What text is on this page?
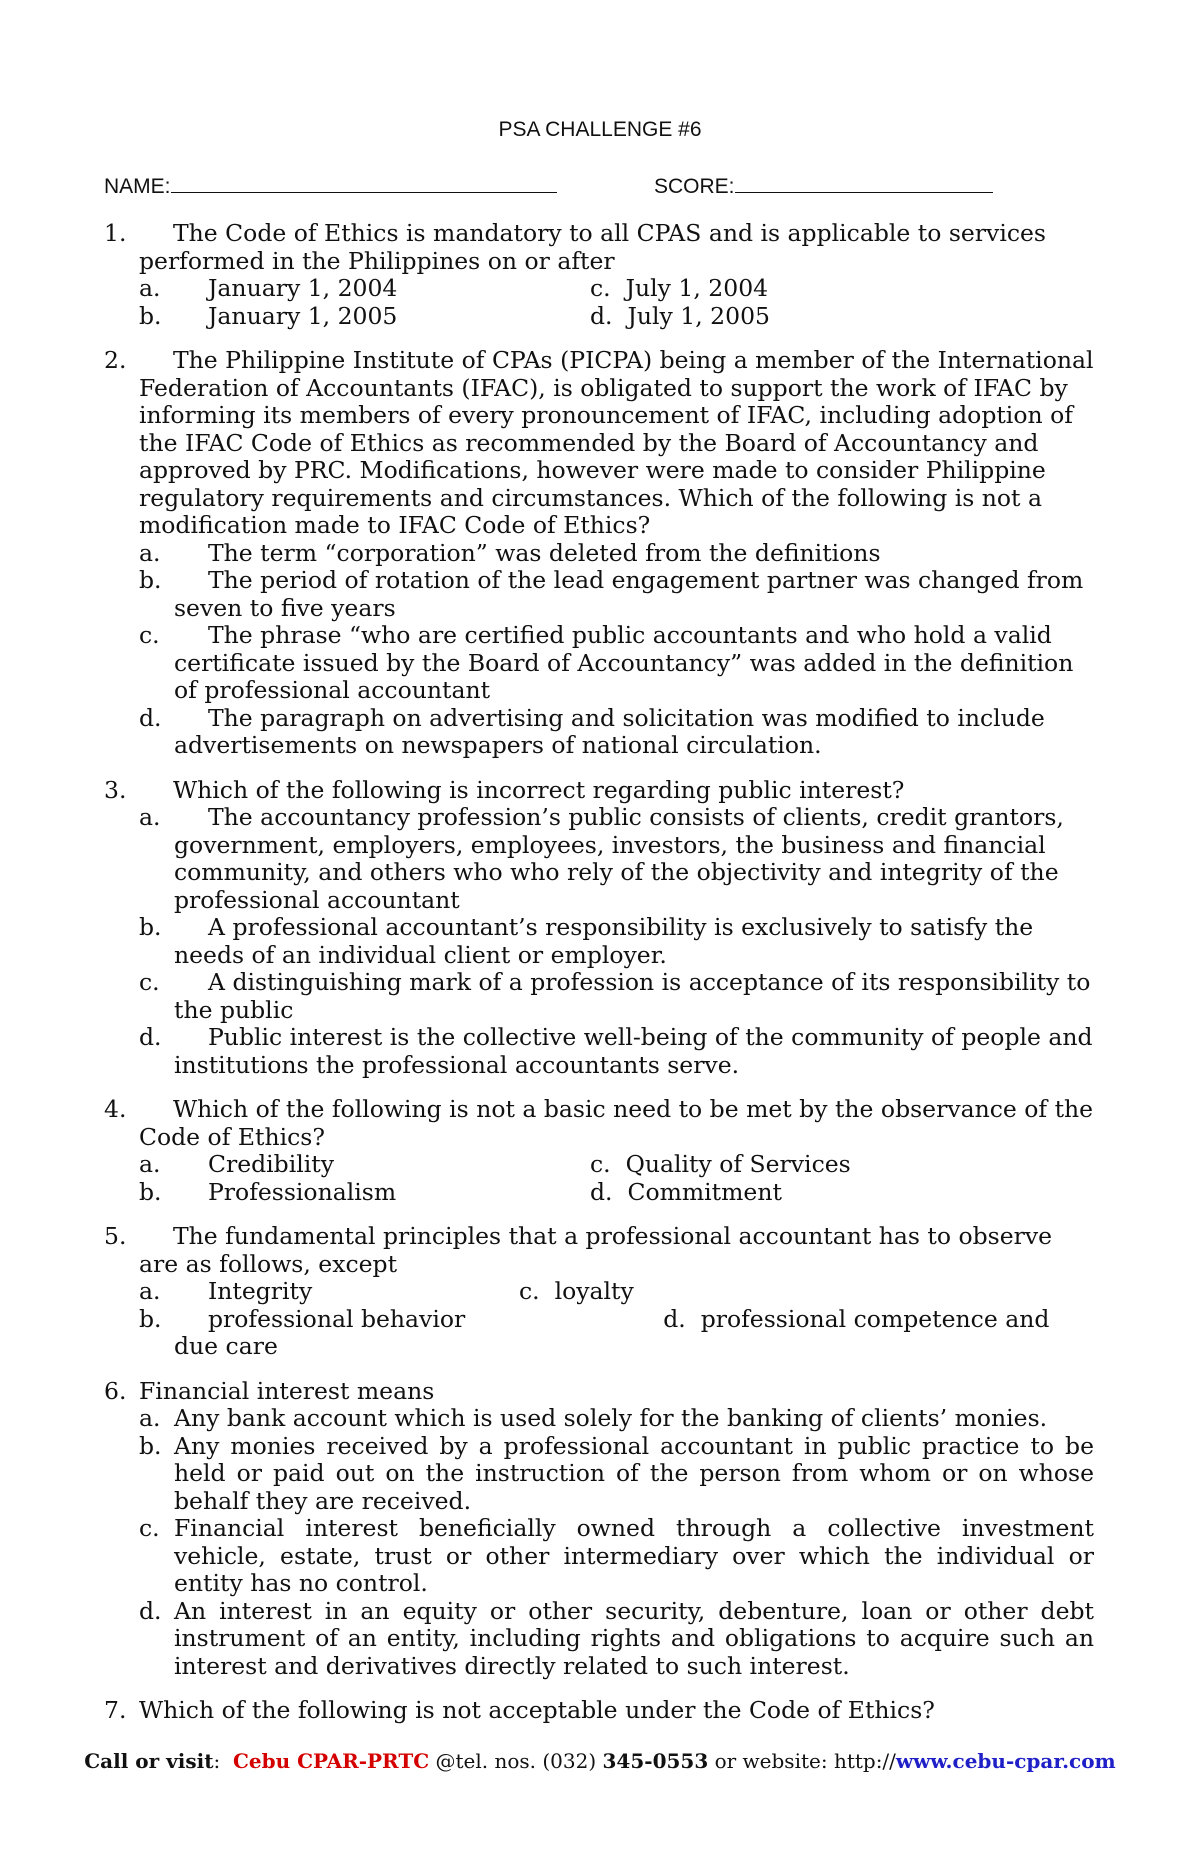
PSA CHALLENGE #6
NAME:	SCORE:

1. The Code of Ethics is mandatory to all CPAS and is applicable to services performed in the Philippines on or after

a. January 1, 2004	c. July 1, 2004
b. January 1, 2005	d. July 1, 2005

2. The Philippine Institute of CPAs (PICPA) being a member of the International Federation of Accountants (IFAC), is obligated to support the work of IFAC by informing its members of every pronouncement of IFAC, including adoption of the IFAC Code of Ethics as recommended by the Board of Accountancy and approved by PRC. Modifications, however were made to consider Philippine regulatory requirements and circumstances. Which of the following is not a modification made to IFAC Code of Ethics?

a. The term “corporation” was deleted from the definitions

b. The period of rotation of the lead engagement partner was changed from seven to five years

c. The phrase “who are certified public accountants and who hold a valid certificate issued by the Board of Accountancy” was added in the definition of professional accountant

d. The paragraph on advertising and solicitation was modified to include advertisements on newspapers of national circulation.

3. Which of the following is incorrect regarding public interest?

a. The accountancy profession’s public consists of clients, credit grantors, government, employers, employees, investors, the business and financial community, and others who who rely of the objectivity and integrity of the professional accountant

b. A professional accountant’s responsibility is exclusively to satisfy the needs of an individual client or employer.

c. A distinguishing mark of a profession is acceptance of its responsibility to the public

d. Public interest is the collective well-being of the community of people and institutions the professional accountants serve.

4. Which of the following is not a basic need to be met by the observance of the Code of Ethics?

a. Credibility	c. Quality of Services
b. Professionalism	d. Commitment

5. The fundamental principles that a professional accountant has to observe are as follows, except

a. Integrity	c. loyalty

b. professional behavior	d. professional competence and due care

6. Financial interest means

a. Any bank account which is used solely for the banking of clients’ monies.

b. Any monies received by a professional accountant in public practice to be held or paid out on the instruction of the person from whom or on whose behalf they are received.

c. Financial interest beneficially owned through a collective investment vehicle, estate, trust or other intermediary over which the individual or entity has no control.

d. An interest in an equity or other security, debenture, loan or other debt instrument of an entity, including rights and obligations to acquire such an interest and derivatives directly related to such interest.

7. Which of the following is not acceptable under the Code of Ethics?

Call or visit: Cebu CPAR-PRTC @tel. nos. (032) 345-0553 or website: http://www.cebu-cpar.com
